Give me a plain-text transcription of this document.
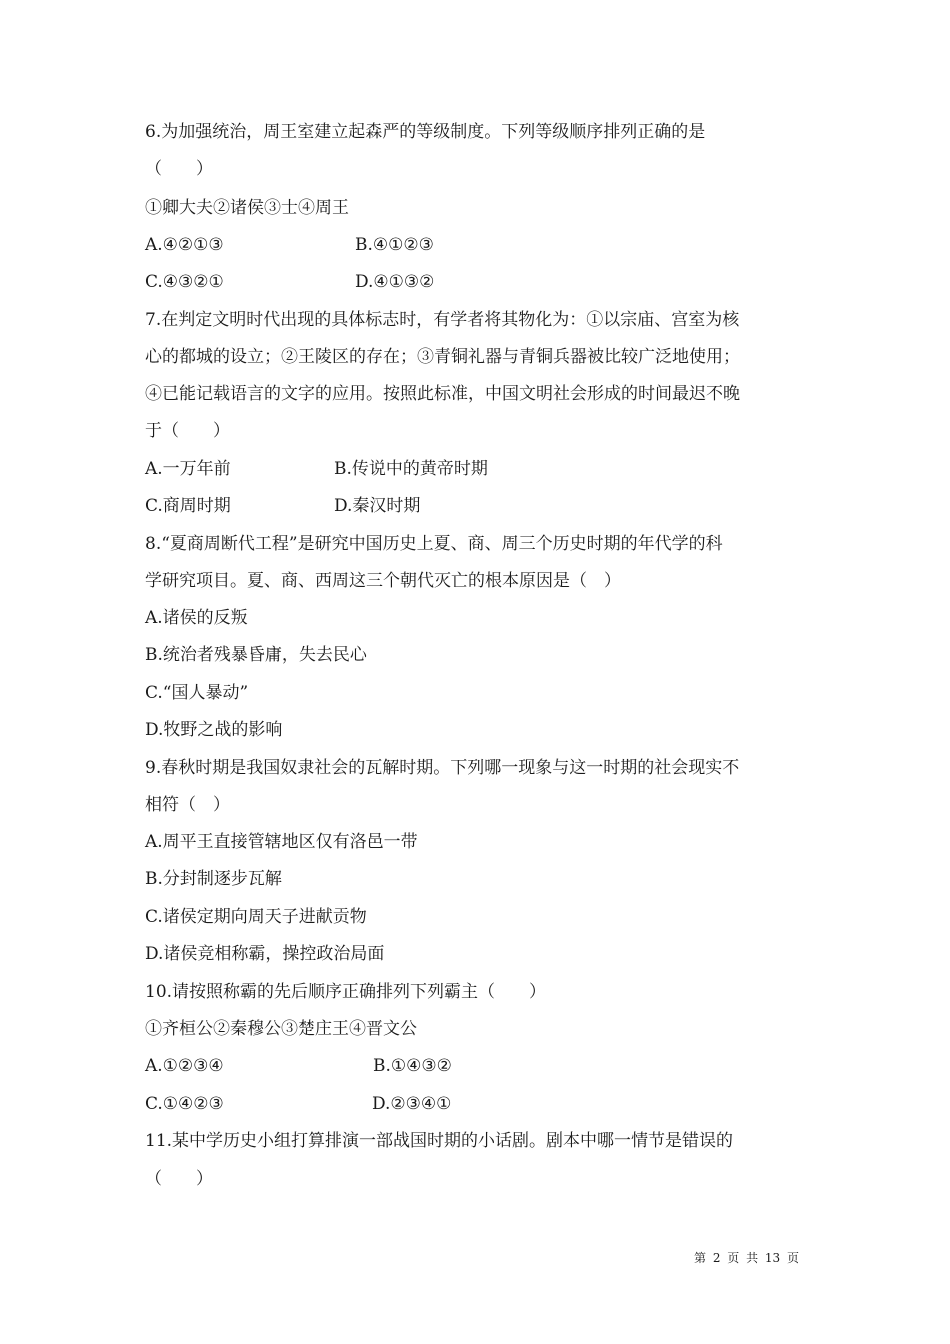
6.为加强统治，周王室建立起森严的等级制度。下列等级顺序排列正确的是
（　　）
①卿大夫②诸侯③士④周王
A.④②①③	B.④①②③
C.④③②①	D.④①③②
7.在判定文明时代出现的具体标志时，有学者将其物化为：①以宗庙、宫室为核
心的都城的设立；②王陵区的存在；③青铜礼器与青铜兵器被比较广泛地使用；
④已能记载语言的文字的应用。按照此标准，中国文明社会形成的时间最迟不晚
于（　　）
A.一万年前	B.传说中的黄帝时期
C.商周时期	D.秦汉时期
8.“夏商周断代工程”是研究中国历史上夏、商、周三个历史时期的年代学的科
学研究项目。夏、商、西周这三个朝代灭亡的根本原因是（　）
A.诸侯的反叛
B.统治者残暴昏庸，失去民心
C.“国人暴动”
D.牧野之战的影响
9.春秋时期是我国奴隶社会的瓦解时期。下列哪一现象与这一时期的社会现实不
相符（　）
A.周平王直接管辖地区仅有洛邑一带
B.分封制逐步瓦解
C.诸侯定期向周天子进献贡物
D.诸侯竞相称霸，操控政治局面
10.请按照称霸的先后顺序正确排列下列霸主（　　）
①齐桓公②秦穆公③楚庄王④晋文公
A.①②③④	B.①④③②
C.①④②③	D.②③④①
11.某中学历史小组打算排演一部战国时期的小话剧。剧本中哪一情节是错误的
（　　）
第 2 页 共 13 页
